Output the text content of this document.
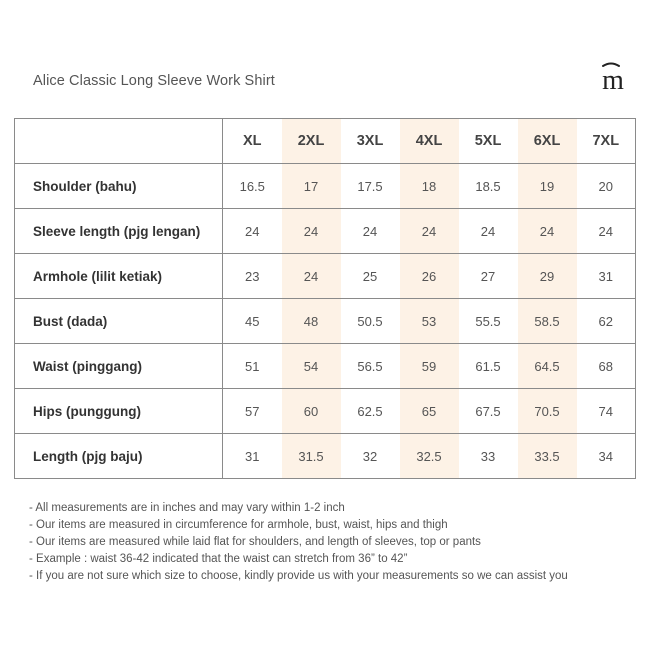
Alice Classic Long Sleeve Work Shirt	m
	XL	2XL	3XL	4XL	5XL	6XL	7XL
Shoulder (bahu)	16.5	17	17.5	18	18.5	19	20
Sleeve length (pjg lengan)	24	24	24	24	24	24	24
Armhole (lilit ketiak)	23	24	25	26	27	29	31
Bust (dada)	45	48	50.5	53	55.5	58.5	62
Waist (pinggang)	51	54	56.5	59	61.5	64.5	68
Hips (punggung)	57	60	62.5	65	67.5	70.5	74
Length (pjg baju)	31	31.5	32	32.5	33	33.5	34
- All measurements are in inches and may vary within 1-2 inch
- Our items are measured in circumference for armhole, bust, waist, hips and thigh
- Our items are measured while laid flat for shoulders, and length of sleeves, top or pants
- Example : waist 36-42 indicated that the waist can stretch from 36” to 42”
- If you are not sure which size to choose, kindly provide us with your measurements so we can assist you
